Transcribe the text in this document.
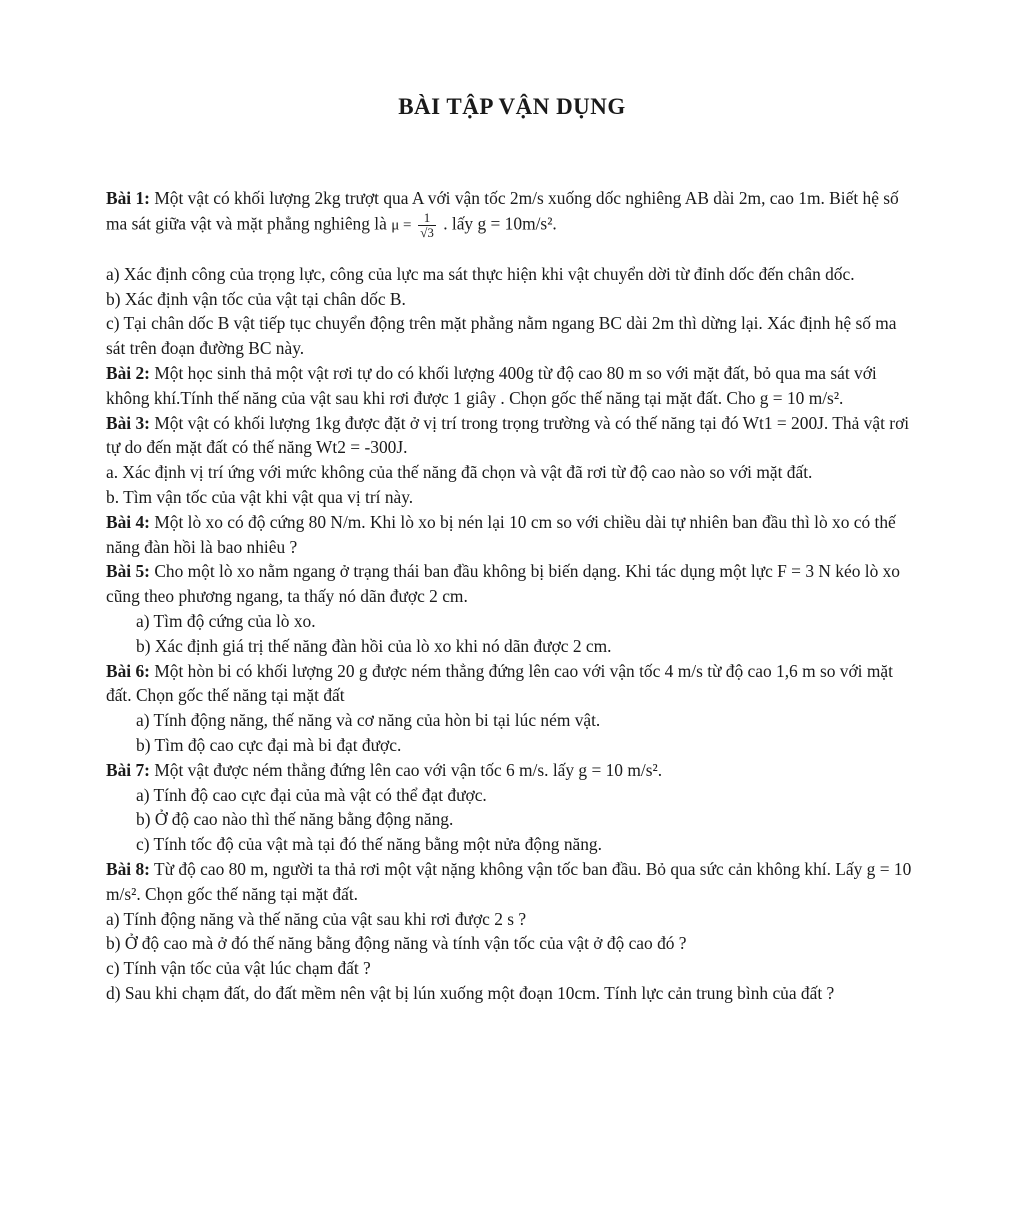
BÀI TẬP VẬN DỤNG

Bài 1: Một vật có khối lượng 2kg trượt qua A với vận tốc 2m/s xuống dốc nghiêng AB dài 2m, cao 1m. Biết hệ số ma sát giữa vật và mặt phẳng nghiêng là $\mu = \frac{1}{√3}$ . lấy g = 10m/s².

a) Xác định công của trọng lực, công của lực ma sát thực hiện khi vật chuyển dời từ đỉnh dốc đến chân dốc.

b) Xác định vận tốc của vật tại chân dốc B.

c) Tại chân dốc B vật tiếp tục chuyển động trên mặt phẳng nằm ngang BC dài 2m thì dừng lại. Xác định hệ số ma sát trên đoạn đường BC này.

Bài 2: Một học sinh thả một vật rơi tự do có khối lượng 400g từ độ cao 80 m so với mặt đất, bỏ qua ma sát với không khí.Tính thế năng của vật sau khi rơi được 1 giây . Chọn gốc thế năng tại mặt đất. Cho g = 10 m/s².

Bài 3: Một vật có khối lượng 1kg được đặt ở vị trí trong trọng trường và có thế năng tại đó Wt1 = 200J. Thả vật rơi tự do đến mặt đất có thế năng Wt2 = -300J.

a. Xác định vị trí ứng với mức không của thế năng đã chọn và vật đã rơi từ độ cao nào so với mặt đất.

b. Tìm vận tốc của vật khi vật qua vị trí này.

Bài 4: Một lò xo có độ cứng 80 N/m. Khi lò xo bị nén lại 10 cm so với chiều dài tự nhiên ban đầu thì lò xo có thế năng đàn hồi là bao nhiêu ?

Bài 5: Cho một lò xo nằm ngang ở trạng thái ban đầu không bị biến dạng. Khi tác dụng một lực F = 3 N kéo lò xo cũng theo phương ngang, ta thấy nó dãn được 2 cm.

a) Tìm độ cứng của lò xo.

b) Xác định giá trị thế năng đàn hồi của lò xo khi nó dãn được 2 cm.

Bài 6: Một hòn bi có khối lượng 20 g được ném thẳng đứng lên cao với vận tốc 4 m/s từ độ cao 1,6 m so với mặt đất. Chọn gốc thế năng tại mặt đất

a) Tính động năng, thế năng và cơ năng của hòn bi tại lúc ném vật.

b) Tìm độ cao cực đại mà bi đạt được.

Bài 7: Một vật được ném thẳng đứng lên cao với vận tốc 6 m/s. lấy g = 10 m/s².

a) Tính độ cao cực đại của mà vật có thể đạt được.

b) Ở độ cao nào thì thế năng bằng động năng.

c) Tính tốc độ của vật mà tại đó thế năng bằng một nửa động năng.

Bài 8: Từ độ cao 80 m, người ta thả rơi một vật nặng không vận tốc ban đầu. Bỏ qua sức cản không khí. Lấy g = 10 m/s². Chọn gốc thế năng tại mặt đất.

a) Tính động năng và thế năng của vật sau khi rơi được 2 s ?

b) Ở độ cao mà ở đó thế năng bằng động năng và tính vận tốc của vật ở độ cao đó ?

c) Tính vận tốc của vật lúc chạm đất ?

d) Sau khi chạm đất, do đất mềm nên vật bị lún xuống một đoạn 10cm. Tính lực cản trung bình của đất ?
